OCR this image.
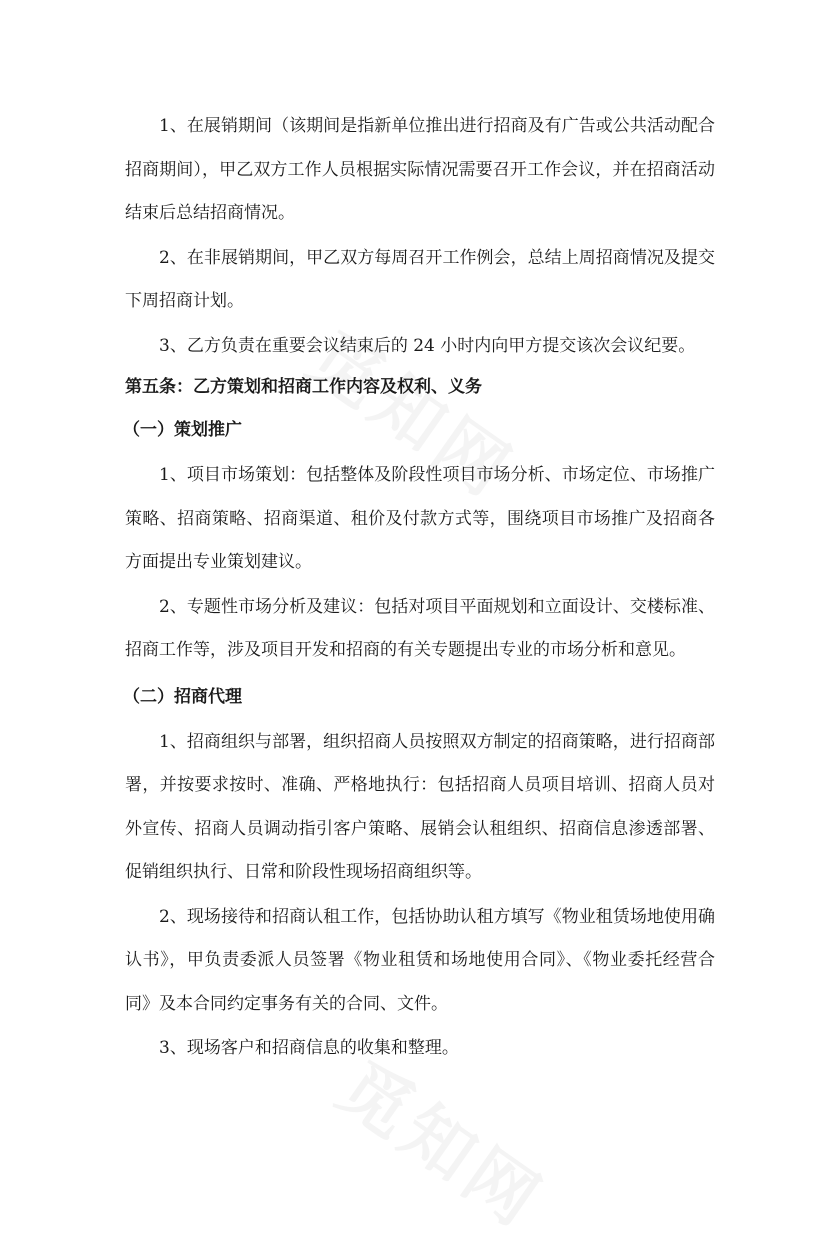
1、在展销期间（该期间是指新单位推出进行招商及有广告或公共活动配合招商期间），甲乙双方工作人员根据实际情况需要召开工作会议，并在招商活动结束后总结招商情况。

2、在非展销期间，甲乙双方每周召开工作例会，总结上周招商情况及提交下周招商计划。

3、乙方负责在重要会议结束后的 24 小时内向甲方提交该次会议纪要。

第五条：乙方策划和招商工作内容及权利、义务

（一）策划推广

1、项目市场策划：包括整体及阶段性项目市场分析、市场定位、市场推广策略、招商策略、招商渠道、租价及付款方式等，围绕项目市场推广及招商各方面提出专业策划建议。

2、专题性市场分析及建议：包括对项目平面规划和立面设计、交楼标准、招商工作等，涉及项目开发和招商的有关专题提出专业的市场分析和意见。

（二）招商代理

1、招商组织与部署，组织招商人员按照双方制定的招商策略，进行招商部署，并按要求按时、准确、严格地执行：包括招商人员项目培训、招商人员对外宣传、招商人员调动指引客户策略、展销会认租组织、招商信息渗透部署、促销组织执行、日常和阶段性现场招商组织等。

2、现场接待和招商认租工作，包括协助认租方填写《物业租赁场地使用确认书》，甲负责委派人员签署《物业租赁和场地使用合同》、《物业委托经营合同》及本合同约定事务有关的合同、文件。

3、现场客户和招商信息的收集和整理。
